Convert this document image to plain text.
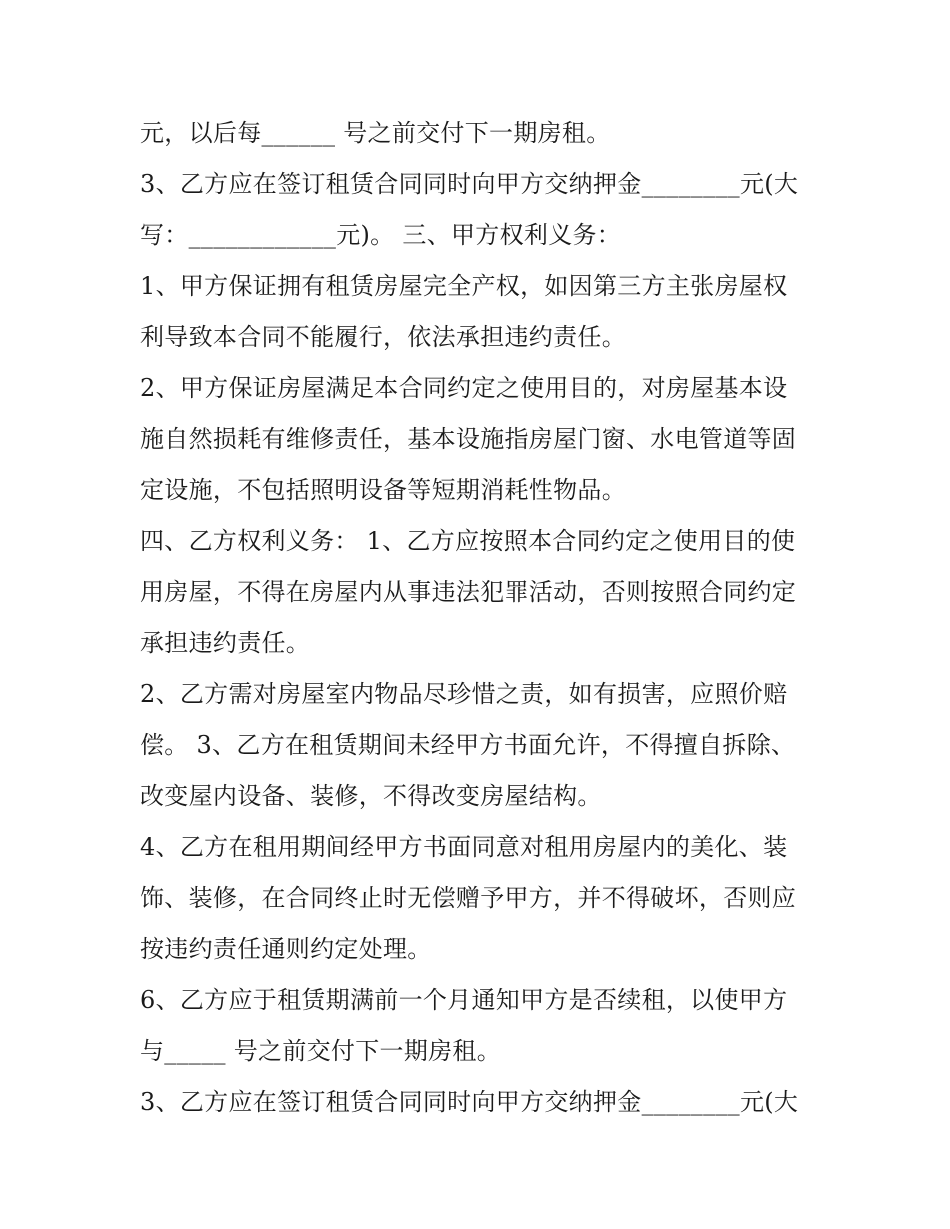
元，以后每______ 号之前交付下一期房租。
3、乙方应在签订租赁合同同时向甲方交纳押金________元(大
写：____________元)。 三、甲方权利义务：
1、甲方保证拥有租赁房屋完全产权，如因第三方主张房屋权
利导致本合同不能履行，依法承担违约责任。
2、甲方保证房屋满足本合同约定之使用目的，对房屋基本设
施自然损耗有维修责任，基本设施指房屋门窗、水电管道等固
定设施，不包括照明设备等短期消耗性物品。
四、乙方权利义务： 1、乙方应按照本合同约定之使用目的使
用房屋，不得在房屋内从事违法犯罪活动，否则按照合同约定
承担违约责任。
2、乙方需对房屋室内物品尽珍惜之责，如有损害，应照价赔
偿。 3、乙方在租赁期间未经甲方书面允许，不得擅自拆除、
改变屋内设备、装修，不得改变房屋结构。
4、乙方在租用期间经甲方书面同意对租用房屋内的美化、装
饰、装修，在合同终止时无偿赠予甲方，并不得破坏，否则应
按违约责任通则约定处理。
6、乙方应于租赁期满前一个月通知甲方是否续租，以使甲方
与_____ 号之前交付下一期房租。
3、乙方应在签订租赁合同同时向甲方交纳押金________元(大
